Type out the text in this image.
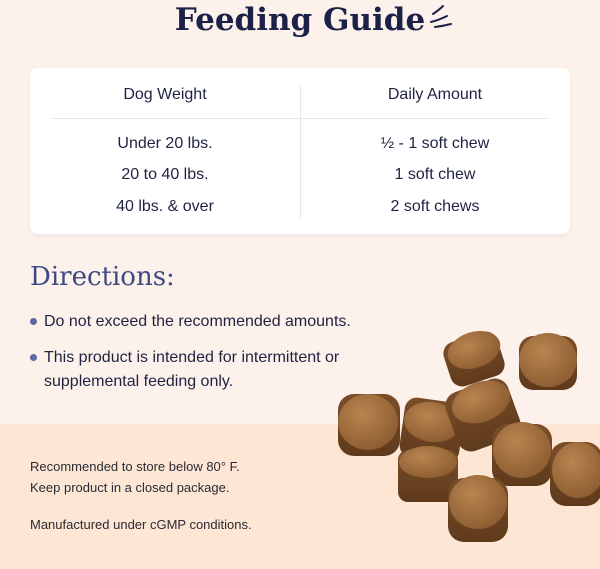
Feeding Guide
Dog Weight
Under 20 lbs.
20 to 40 lbs.
40 lbs. & over
Daily Amount
½ - 1 soft chew
1 soft chew
2 soft chews
Directions:
Do not exceed the recommended amounts.
This product is intended for intermittent or supplemental feeding only.
Recommended to store below 80° F.
Keep product in a closed package.
Manufactured under cGMP conditions.
